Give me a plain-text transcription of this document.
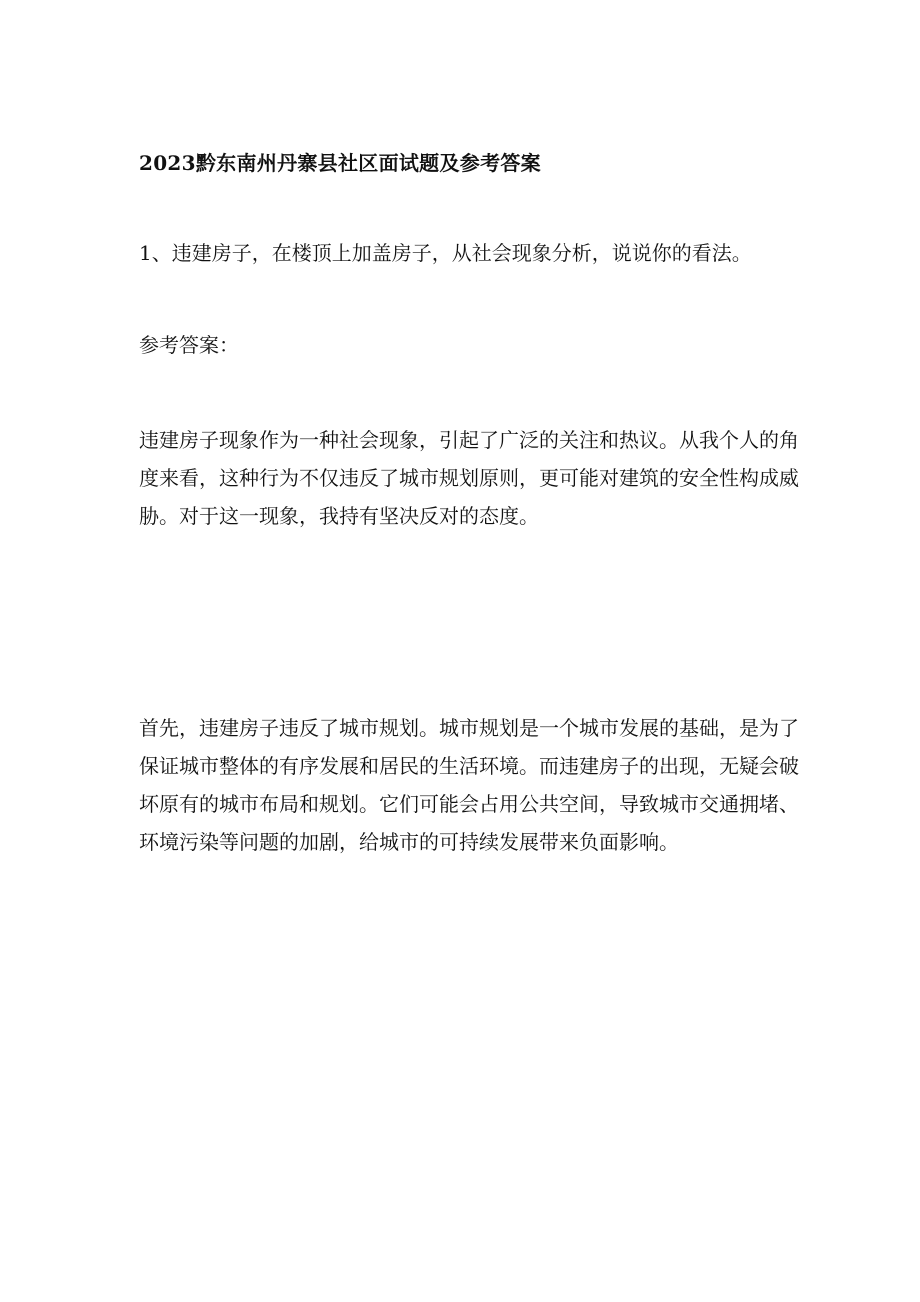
2023黔东南州丹寨县社区面试题及参考答案
1、违建房子，在楼顶上加盖房子，从社会现象分析，说说你的看法。
参考答案：
违建房子现象作为一种社会现象，引起了广泛的关注和热议。从我个人的角度来看，这种行为不仅违反了城市规划原则，更可能对建筑的安全性构成威胁。对于这一现象，我持有坚决反对的态度。
首先，违建房子违反了城市规划。城市规划是一个城市发展的基础，是为了保证城市整体的有序发展和居民的生活环境。而违建房子的出现，无疑会破坏原有的城市布局和规划。它们可能会占用公共空间，导致城市交通拥堵、环境污染等问题的加剧，给城市的可持续发展带来负面影响。
